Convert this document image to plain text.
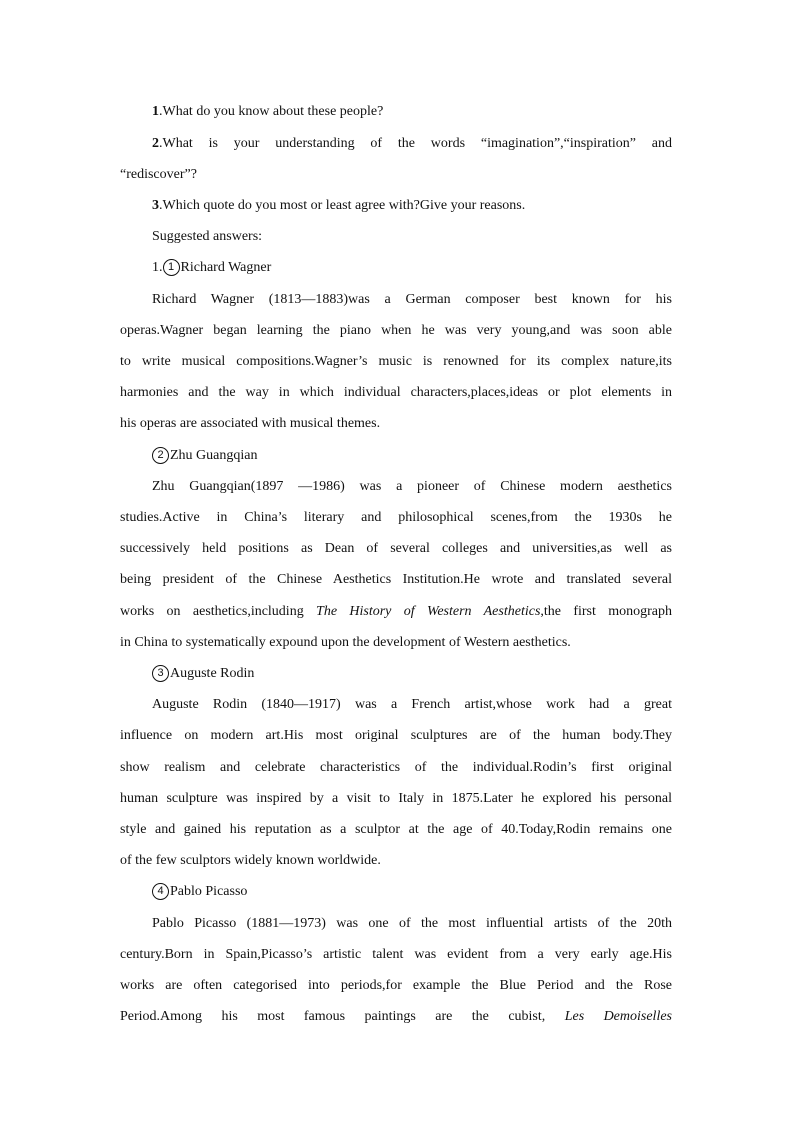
1.What do you know about these people?
2.What is your understanding of the words “imagination”,“inspiration” and
“rediscover”?
3.Which quote do you most or least agree with?Give your reasons.
Suggested answers:
1. 1 Richard Wagner
Richard Wagner (1813—1883)was a German composer best known for his
operas.Wagner began learning the piano when he was very young,and was soon able
to write musical compositions.Wagner’s music is renowned for its complex nature,its
harmonies and the way in which individual characters,places,ideas or plot elements in
his operas are associated with musical themes.
2 Zhu Guangqian
Zhu Guangqian(1897 —1986) was a pioneer of Chinese modern aesthetics
studies.Active in China’s literary and philosophical scenes,from the 1930s he
successively held positions as Dean of several colleges and universities,as well as
being president of the Chinese Aesthetics Institution.He wrote and translated several
works on aesthetics,including The History of Western Aesthetics,the first monograph
in China to systematically expound upon the development of Western aesthetics.
3 Auguste Rodin
Auguste Rodin (1840—1917) was a French artist,whose work had a great
influence on modern art.His most original sculptures are of the human body.They
show realism and celebrate characteristics of the individual.Rodin’s first original
human sculpture was inspired by a visit to Italy in 1875.Later he explored his personal
style and gained his reputation as a sculptor at the age of 40.Today,Rodin remains one
of the few sculptors widely known worldwide.
4 Pablo Picasso
Pablo Picasso (1881—1973) was one of the most influential artists of the 20th
century.Born in Spain,Picasso’s artistic talent was evident from a very early age.His
works are often categorised into periods,for example the Blue Period and the Rose
Period.Among his most famous paintings are the cubist, Les Demoiselles
